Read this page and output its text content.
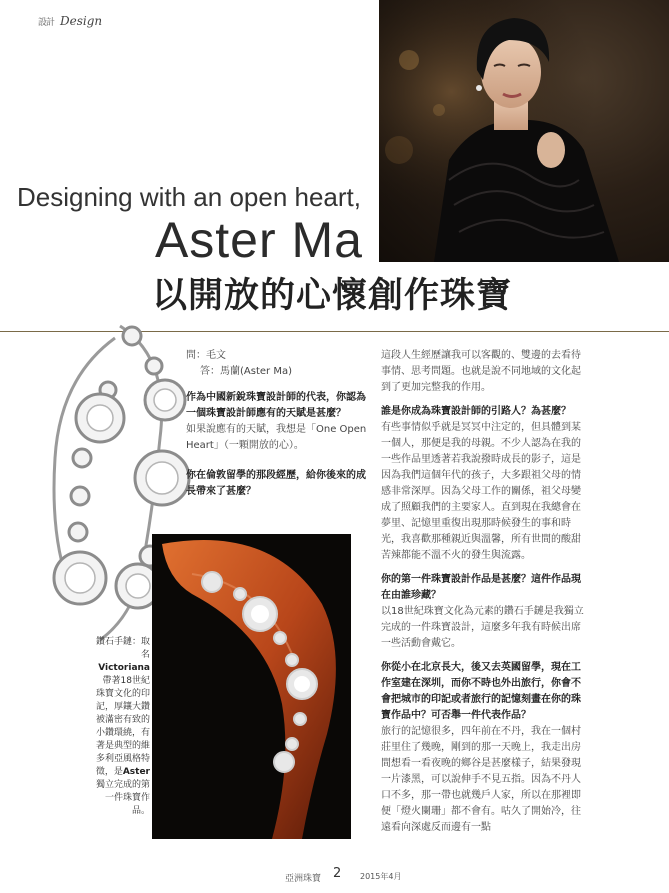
設計 Design
Designing with an open heart,
Aster Ma
以開放的心懷創作珠寶
鑽石手鏈：取名Victoriana帶著18世紀珠寶文化的印記，厚鑲大鑽被滿密有致的小鑽環繞，有著是典型的維多利亞風格特徵，是Aster獨立完成的第一件珠寶作品。

問：毛文

答：馬蘭(Aster Ma)

作為中國新銳珠寶設計師的代表，你認為一個珠寶設計師應有的天賦是甚麼？

如果說應有的天賦，我想是「One Open Heart」（一顆開放的心）。

你在倫敦留學的那段經歷，給你後來的成長帶來了甚麼？

這段人生經歷讓我可以客觀的、雙邊的去看待事情、思考問題。也就是說不同地域的文化起到了更加完整我的作用。

誰是你成為珠寶設計師的引路人？為甚麼？

有些事情似乎就是冥冥中注定的，但具體到某一個人，那便是我的母親。不少人認為在我的一些作品里透著若我說撥時成長的影子，這是因為我們這個年代的孩子，大多跟祖父母的情感非常深厚。因為父母工作的關係，祖父母變成了照顧我們的主要家人。直到現在我總會在夢里、記憶里重復出現那時候發生的事和時光，我喜歡那種親近與溫馨，所有世間的酸甜苦辣都能不溫不火的發生與流露。

你的第一件珠寶設計作品是甚麼？這件作品現在由誰珍藏？

以18世紀珠寶文化為元素的鑽石手鏈是我獨立完成的一件珠寶設計，這麼多年我有時候出席一些活動會戴它。

你從小在北京長大，後又去英國留學，現在工作室建在深圳，而你不時也外出旅行，你會不會把城市的印記或者旅行的記憶刻畫在你的珠寶作品中？可否舉一件代表作品？

旅行的記憶很多，四年前在不丹，我在一個村莊里住了幾晚，剛到的那一天晚上，我走出房間想看一看夜晚的鄉谷是甚麼樣子，結果發現一片漆黑，可以說伸手不見五指。因為不丹人口不多，那一帶也就幾戶人家，所以在那裡即便「燈火闌珊」都不會有。咕久了開始冷，往遠看向深處反而邊有一點

亞洲珠寶 2 2015年4月
